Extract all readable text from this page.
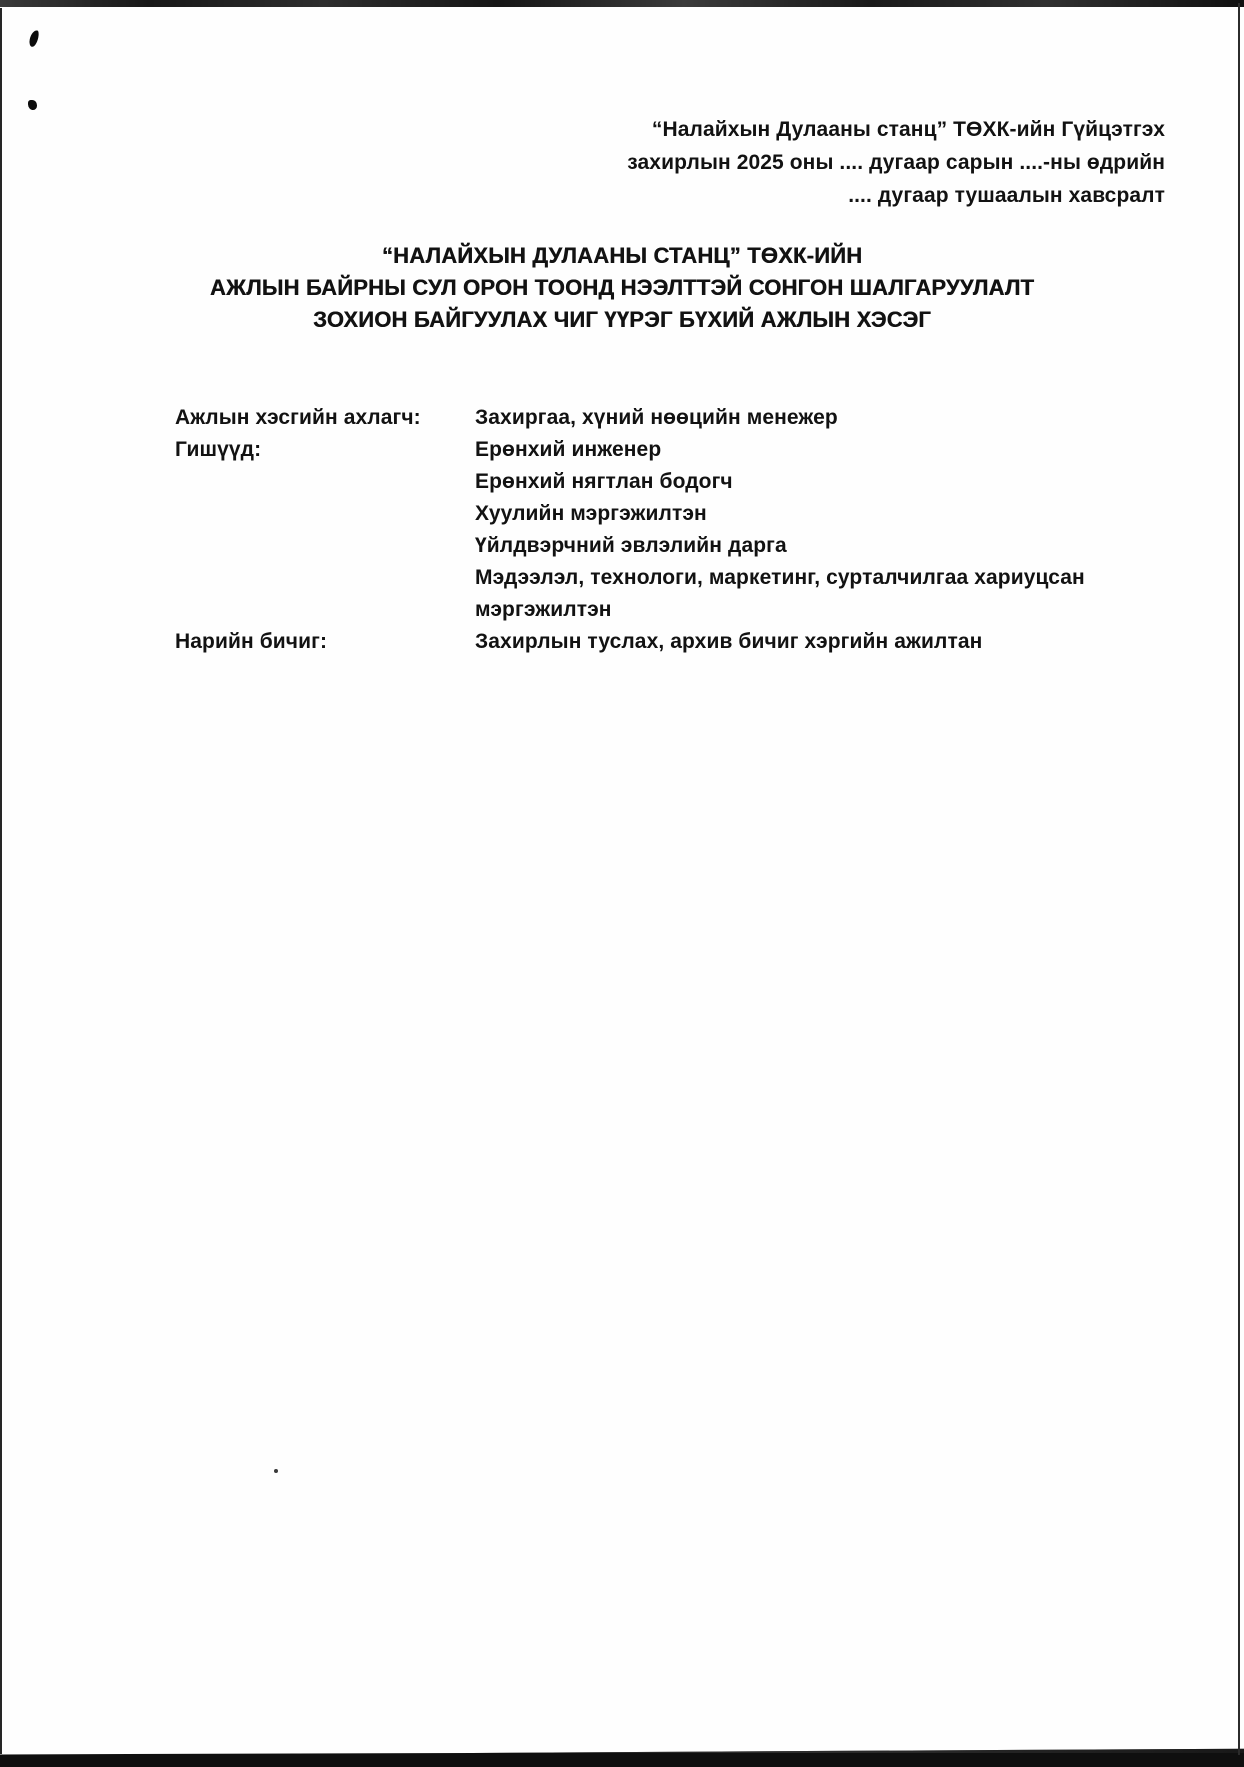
“Налайхын Дулааны станц” ТӨХК-ийн Гүйцэтгэх
захирлын 2025 оны .... дугаар сарын ....-ны өдрийн
.... дугаар тушаалын хавсралт
“НАЛАЙХЫН ДУЛААНЫ СТАНЦ” ТӨХК-ИЙН
АЖЛЫН БАЙРНЫ СУЛ ОРОН ТООНД НЭЭЛТТЭЙ СОНГОН ШАЛГАРУУЛАЛТ
ЗОХИОН БАЙГУУЛАХ ЧИГ ҮҮРЭГ БҮХИЙ АЖЛЫН ХЭСЭГ
Ажлын хэсгийн ахлагч:	Захиргаа, хүний нөөцийн менежер
Гишүүд:	Ерөнхий инженер
Ерөнхий нягтлан бодогч
Хуулийн мэргэжилтэн
Үйлдвэрчний эвлэлийн дарга
Мэдээлэл, технологи, маркетинг, сурталчилгаа хариуцсан
мэргэжилтэн
Нарийн бичиг:	Захирлын туслах, архив бичиг хэргийн ажилтан
